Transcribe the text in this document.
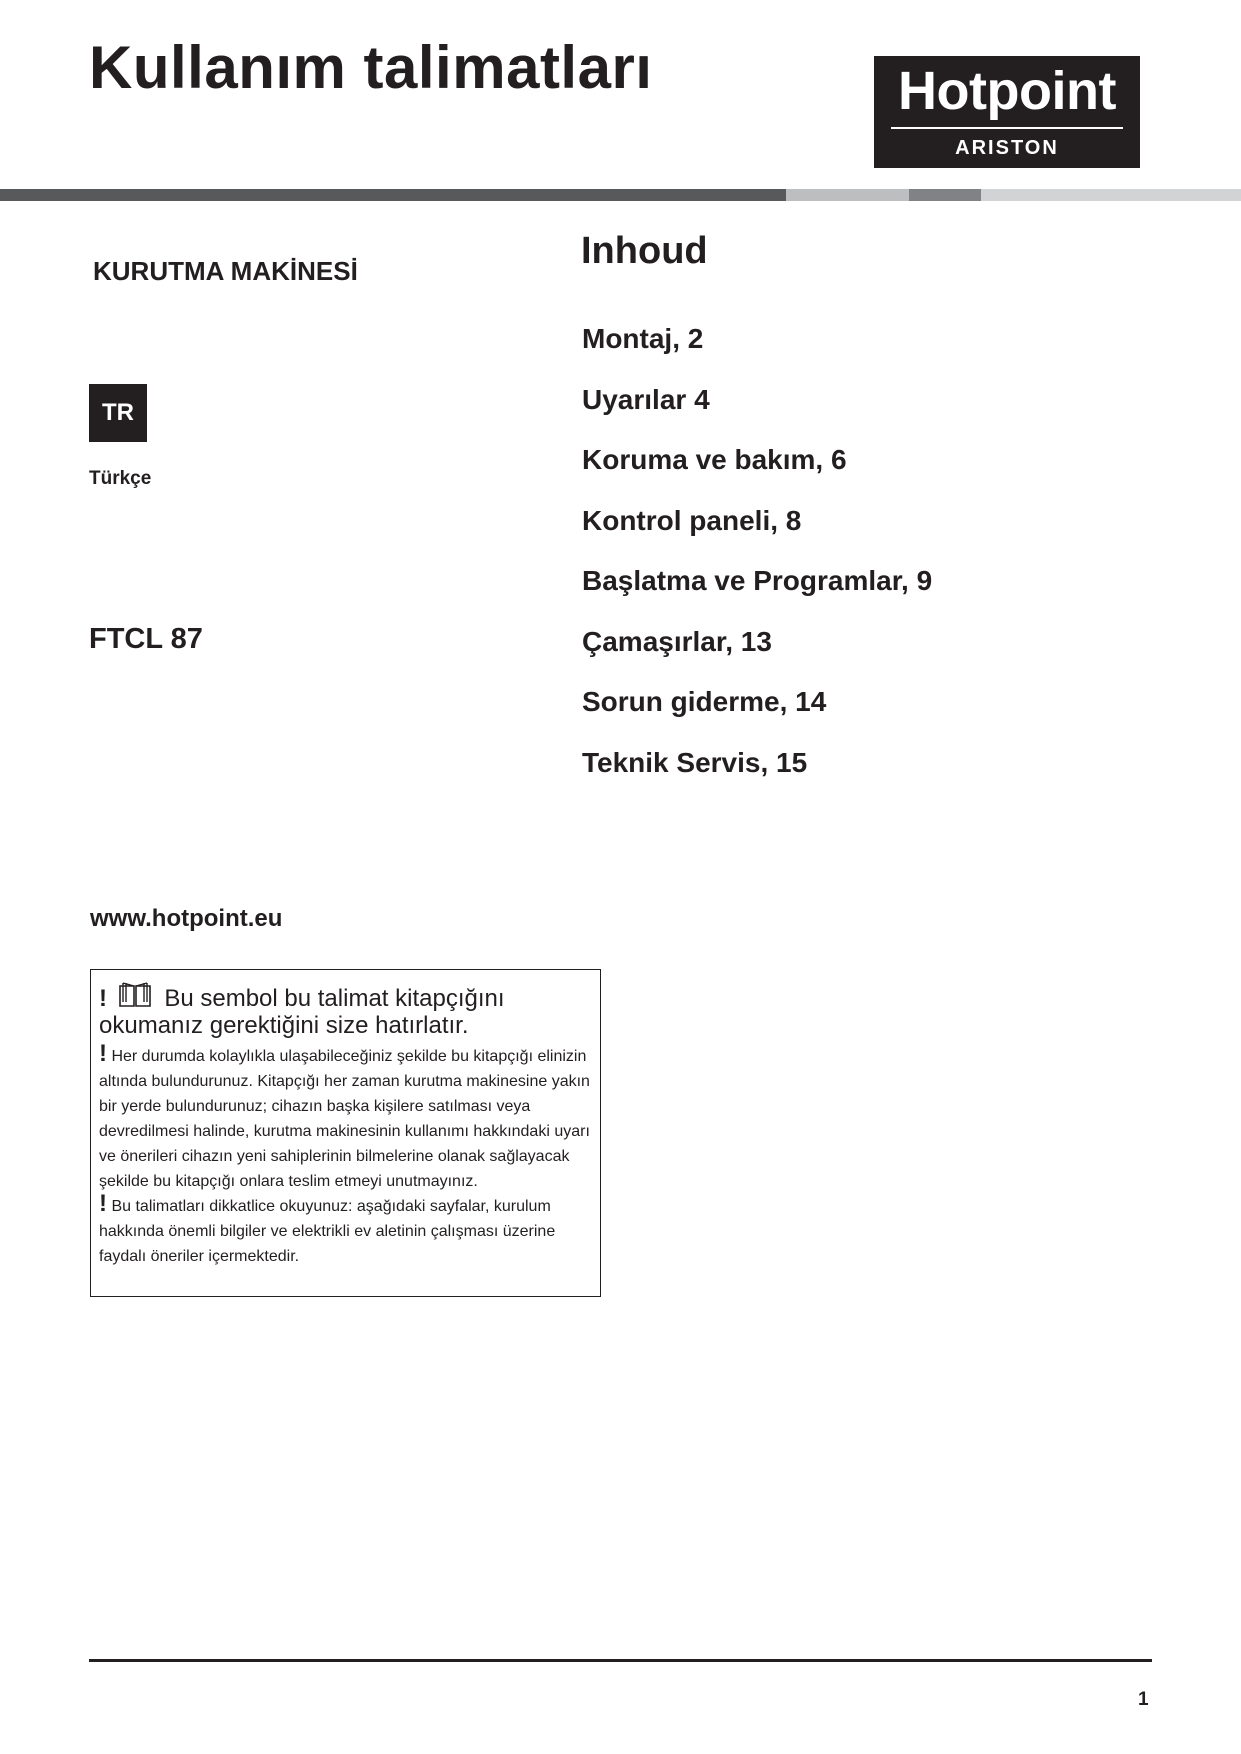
Kullanım talimatları	Hotpoint
ARISTON
KURUTMA MAKİNESİ
TR
Türkçe
FTCL 87
Inhoud
Montaj, 2
Uyarılar 4
Koruma ve bakım, 6
Kontrol paneli, 8
Başlatma ve Programlar, 9
Çamaşırlar, 13
Sorun giderme, 14
Teknik Servis, 15
www.hotpoint.eu

! Bu sembol bu talimat kitapçığını okumanız gerektiğini size hatırlatır.

! Her durumda kolaylıkla ulaşabileceğiniz şekilde bu kitapçığı elinizin altında bulundurunuz. Kitapçığı her zaman kurutma makinesine yakın bir yerde bulundurunuz; cihazın başka kişilere satılması veya devredilmesi halinde, kurutma makinesinin kullanımı hakkındaki uyarı ve önerileri cihazın yeni sahiplerinin bilmelerine olanak sağlayacak şekilde bu kitapçığı onlara teslim etmeyi unutmayınız.

! Bu talimatları dikkatlice okuyunuz: aşağıdaki sayfalar, kurulum hakkında önemli bilgiler ve elektrikli ev aletinin çalışması üzerine faydalı öneriler içermektedir.

1
